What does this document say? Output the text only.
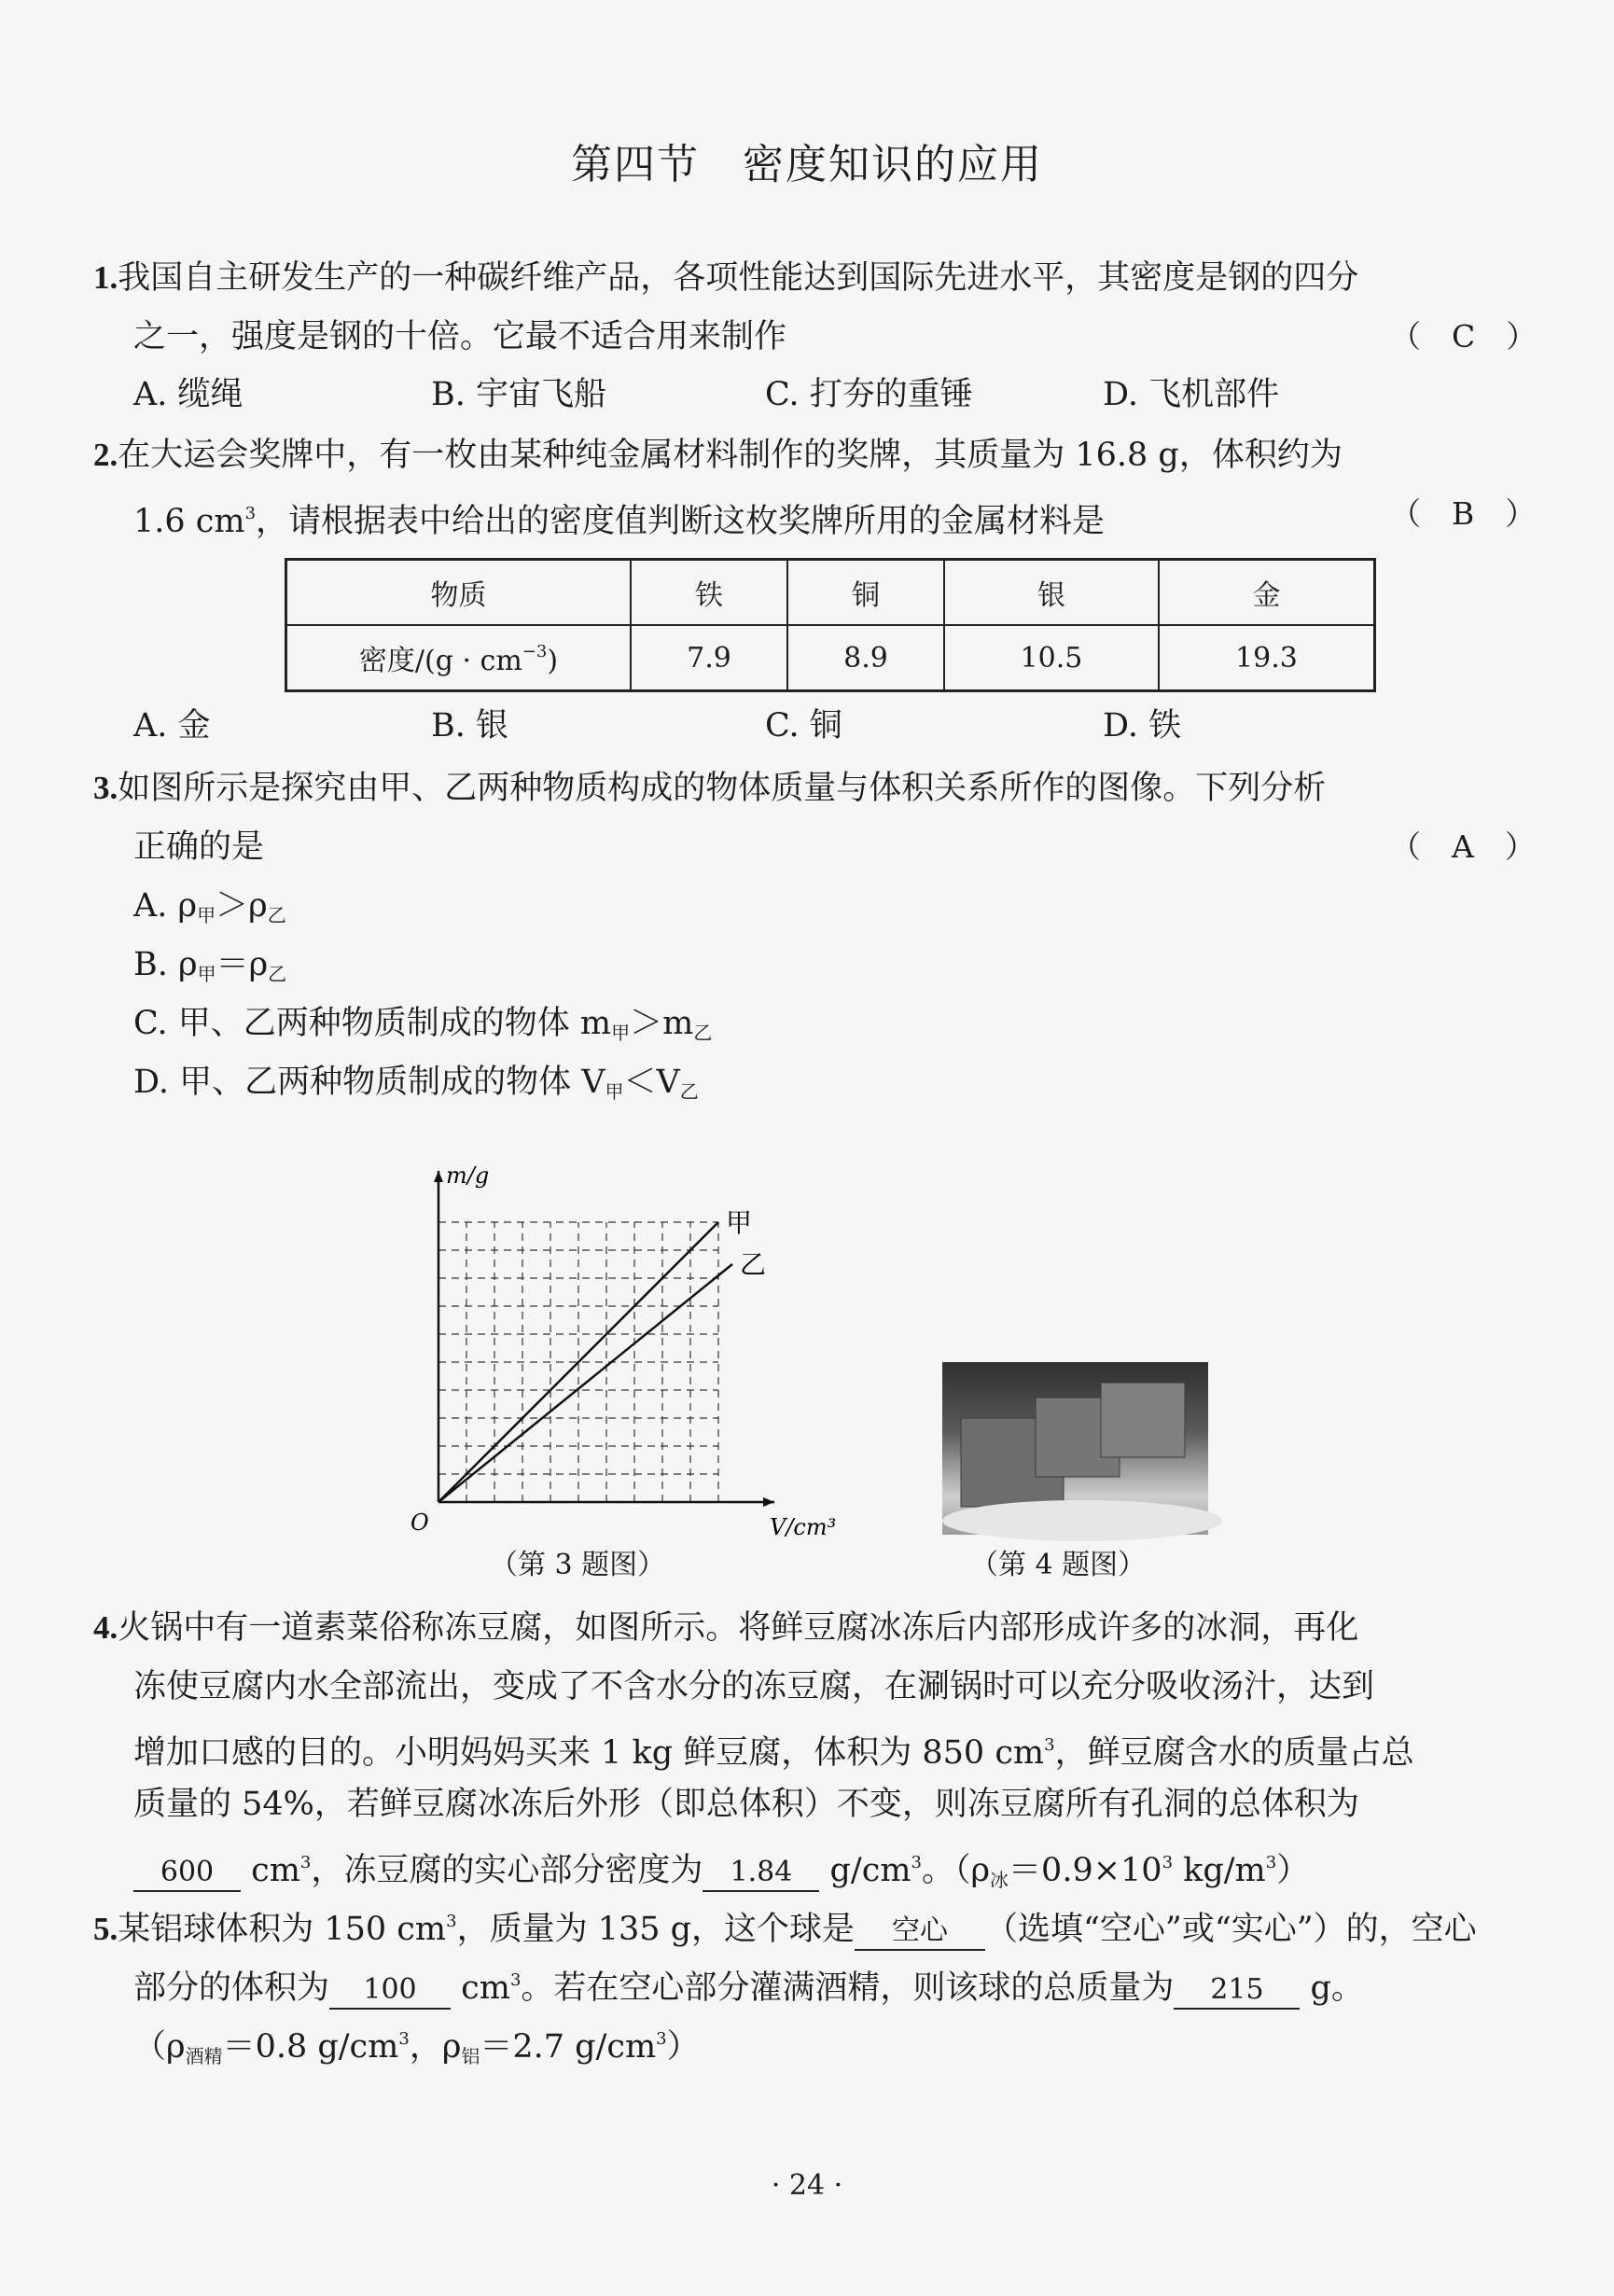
第四节　密度知识的应用
1.我国自主研发生产的一种碳纤维产品，各项性能达到国际先进水平，其密度是钢的四分
之一，强度是钢的十倍。它最不适合用来制作	（　C　）
A. 缆绳	B. 宇宙飞船	C. 打夯的重锤	D. 飞机部件
2.在大运会奖牌中，有一枚由某种纯金属材料制作的奖牌，其质量为 16.8 g，体积约为
1.6 $cm^3$，请根据表中给出的密度值判断这枚奖牌所用的金属材料是	（　B　）
物质	铁	铜	银	金
密度$/(g \cdot cm^{-3})$	7.9	8.9	10.5	19.3
A. 金	B. 银	C. 铜	D. 铁
3.如图所示是探究由甲、乙两种物质构成的物体质量与体积关系所作的图像。下列分析
正确的是	（　A　）
A. $\rho_甲>\rho_乙$
B. $\rho_甲=\rho_乙$
C. 甲、乙两种物质制成的物体 $m_甲>m_乙$
D. 甲、乙两种物质制成的物体 $V_甲<V_乙$
甲
乙
m/g
V/cm³
O
（第 3 题图）	（第 4 题图）
4.火锅中有一道素菜俗称冻豆腐，如图所示。将鲜豆腐冰冻后内部形成许多的冰洞，再化
冻使豆腐内水全部流出，变成了不含水分的冻豆腐，在涮锅时可以充分吸收汤汁，达到
增加口感的目的。小明妈妈买来 1 kg 鲜豆腐，体积为 850 $cm^3$，鲜豆腐含水的质量占总
质量的 54%，若鲜豆腐冰冻后外形（即总体积）不变，则冻豆腐所有孔洞的总体积为
600 $cm^3$，冻豆腐的实心部分密度为 1.84 $g/cm^3$。（$\rho_冰=0.9\times 10^3$ $kg/m^3$）
5.某铝球体积为 150 $cm^3$，质量为 135 g，这个球是 空心 （选填“空心”或“实心”）的，空心
部分的体积为 100 $cm^3$。若在空心部分灌满酒精，则该球的总质量为 215 g。
（$\rho_{酒精}=0.8$ $g/cm^3$，$\rho_铝=2.7$ $g/cm^3$）
· 24 ·
